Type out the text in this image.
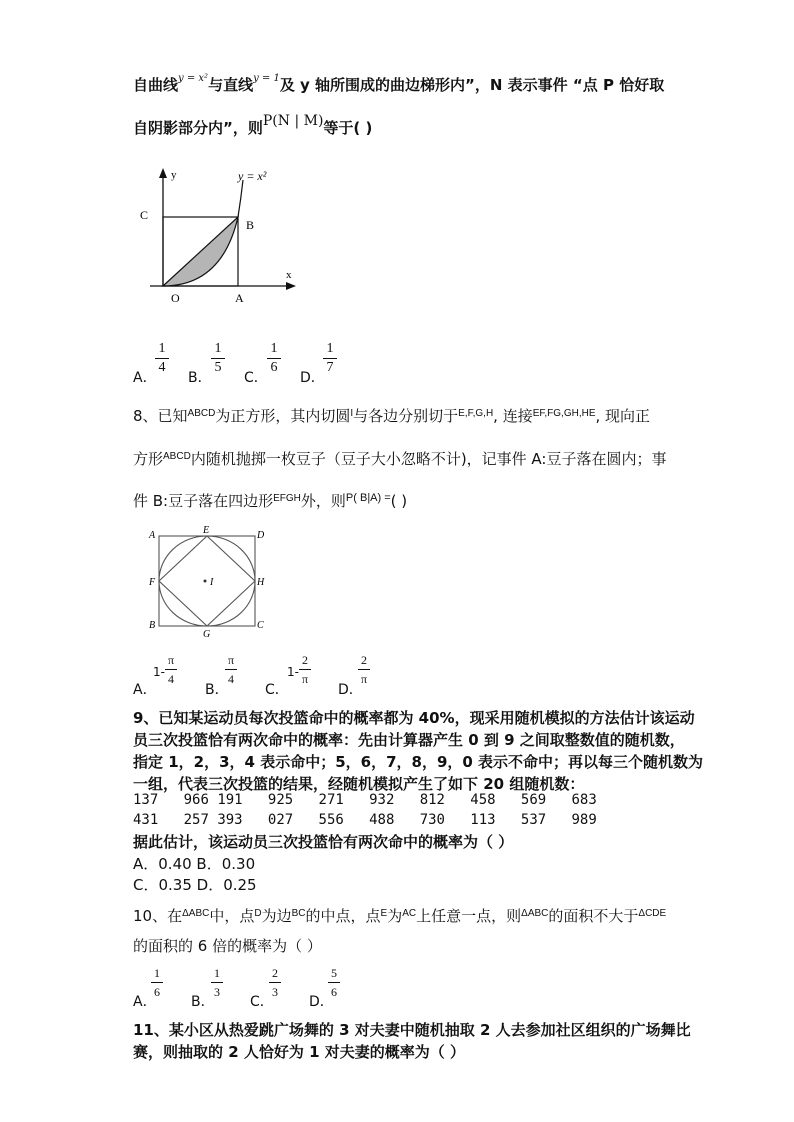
自曲线$^{y = x^2}$与直线$^{y = 1}$及 y 轴所围成的曲边梯形内”，N 表示事件 “点 P 恰好取
自阴影部分内”，则P(N | M)等于( )
y
x
y = x²
C
B
O	A
A．
1
4
B．
1
5
C．
1
6
D．
1
7
8、已知$^{ABCD}$为正方形，其内切圆$^I$与各边分别切于$^{E,F,G,H}$, 连接$^{EF,FG,GH,HE}$, 现向正
方形$^{ABCD}$内随机抛掷一枚豆子（豆子大小忽略不计)，记事件 A:豆子落在圆内；事
件 B:豆子落在四边形$^{EFGH}$外，则$^{P( B|A) =}$( )
A	E	D
F	I	H
B
G
C
A．
1-
π
4
B．
π
4
C．
1-
2
π
D．
2
π
9、已知某运动员每次投篮命中的概率都为 40%，现采用随机模拟的方法估计该运动
员三次投篮恰有两次命中的概率：先由计算器产生 0 到 9 之间取整数值的随机数，
指定 1，2，3，4 表示命中；5，6，7，8，9，0 表示不命中；再以每三个随机数为
一组，代表三次投篮的结果，经随机模拟产生了如下 20 组随机数：
137 966 191 925 271 932 812 458 569 683
431 257 393 027 556 488 730 113 537 989
据此估计，该运动员三次投篮恰有两次命中的概率为（ ）
A．0.40 B．0.30
C．0.35 D．0.25
10、在$^{\Delta ABC}$中，点$^D$为边$^{BC}$的中点，点$^E$为$^{AC}$上任意一点，则$^{\Delta ABC}$的面积不大于$^{\Delta CDE}$
的面积的 6 倍的概率为（ ）
A．
1
6
B．
1
3
C．
2
3
D．
5
6
11、某小区从热爱跳广场舞的 3 对夫妻中随机抽取 2 人去参加社区组织的广场舞比
赛，则抽取的 2 人恰好为 1 对夫妻的概率为（ ）
